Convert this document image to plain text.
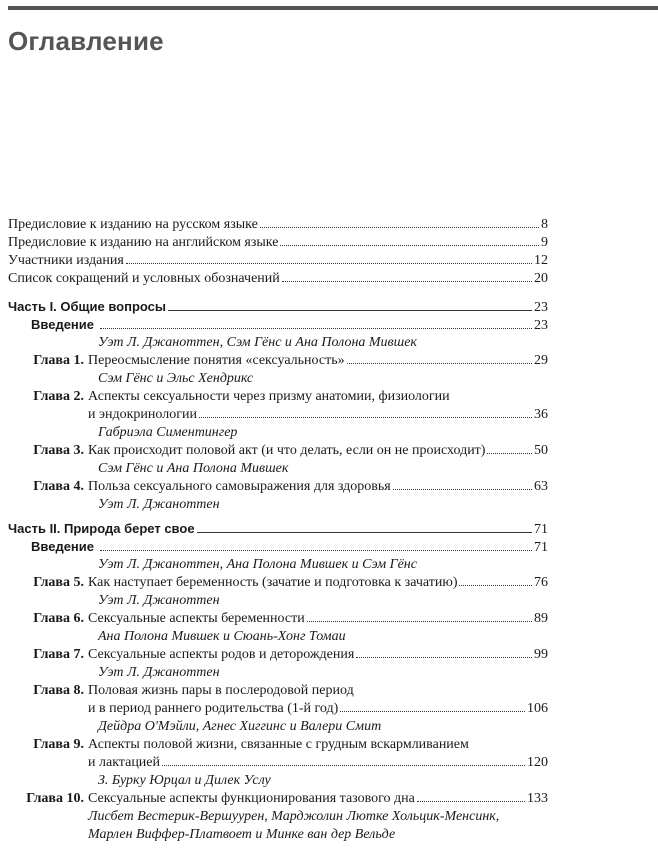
Оглавление
Предисловие к изданию на русском языке	8
Предисловие к изданию на английском языке	9
Участники издания	12
Список сокращений и условных обозначений	20
Часть I. Общие вопросы	23
Введение	23
Уэт Л. Джаноттен, Сэм Гёнс и Ана Полона Мившек
Глава 1. Переосмысление понятия «сексуальность»	29
Сэм Гёнс и Эльс Хендрикс
Глава 2. Аспекты сексуальности через призму анатомии, физиологии
и эндокринологии	36
Габриэла Симентингер
Глава 3. Как происходит половой акт (и что делать, если он не происходит)	50
Сэм Гёнс и Ана Полона Мившек
Глава 4. Польза сексуального самовыражения для здоровья	63
Уэт Л. Джаноттен
Часть II. Природа берет свое	71
Введение	71
Уэт Л. Джаноттен, Ана Полона Мившек и Сэм Гёнс
Глава 5. Как наступает беременность (зачатие и подготовка к зачатию)	76
Уэт Л. Джаноттен
Глава 6. Сексуальные аспекты беременности	89
Ана Полона Мившек и Сюань-Хонг Томаи
Глава 7. Сексуальные аспекты родов и деторождения	99
Уэт Л. Джаноттен
Глава 8. Половая жизнь пары в послеродовой период
и в период раннего родительства (1-й год)	106
Дейдра О'Мэйли, Агнес Хиггинс и Валери Смит
Глава 9. Аспекты половой жизни, связанные с грудным вскармливанием
и лактацией	120
З. Бурку Юрцал и Дилек Услу
Глава 10. Сексуальные аспекты функционирования тазового дна	133
Лисбет Вестерик-Вершуурен, Марджолин Лютке Хольцик-Менсинк,
Марлен Виффер-Платвоет и Минке ван дер Вельде
